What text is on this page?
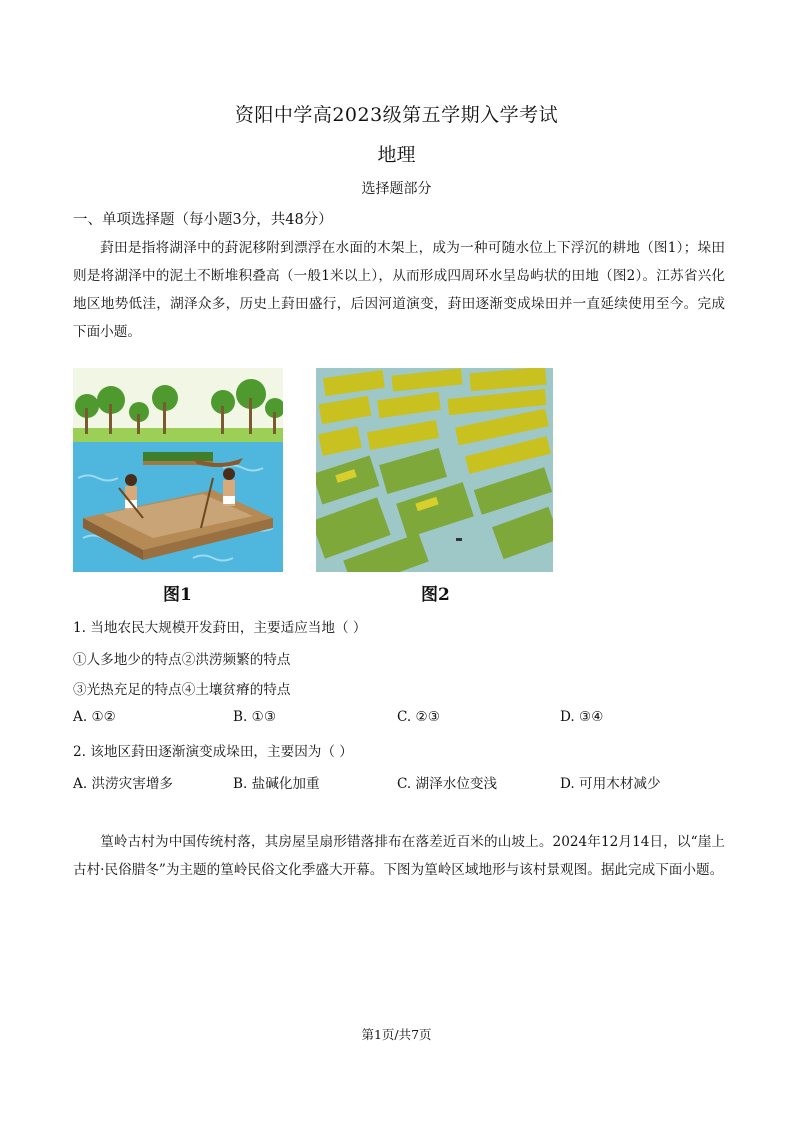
资阳中学高2023级第五学期入学考试
地理
选择题部分
一、单项选择题（每小题3分，共48分）
葑田是指将湖泽中的葑泥移附到漂浮在水面的木架上，成为一种可随水位上下浮沉的耕地（图1）；垛田则是将湖泽中的泥土不断堆积叠高（一般1米以上），从而形成四周环水呈岛屿状的田地（图2）。江苏省兴化地区地势低洼，湖泽众多，历史上葑田盛行，后因河道演变，葑田逐渐变成垛田并一直延续使用至今。完成下面小题。
图1	图2
1. 当地农民大规模开发葑田，主要适应当地（ ）
①人多地少的特点②洪涝频繁的特点
③光热充足的特点④土壤贫瘠的特点
A. ①②	B. ①③	C. ②③	D. ③④
2. 该地区葑田逐渐演变成垛田，主要因为（ ）
A. 洪涝灾害增多	B. 盐碱化加重	C. 湖泽水位变浅	D. 可用木材减少
篁岭古村为中国传统村落，其房屋呈扇形错落排布在落差近百米的山坡上。2024年12月14日，以“崖上古村·民俗腊冬”为主题的篁岭民俗文化季盛大开幕。下图为篁岭区域地形与该村景观图。据此完成下面小题。
第1页/共7页
